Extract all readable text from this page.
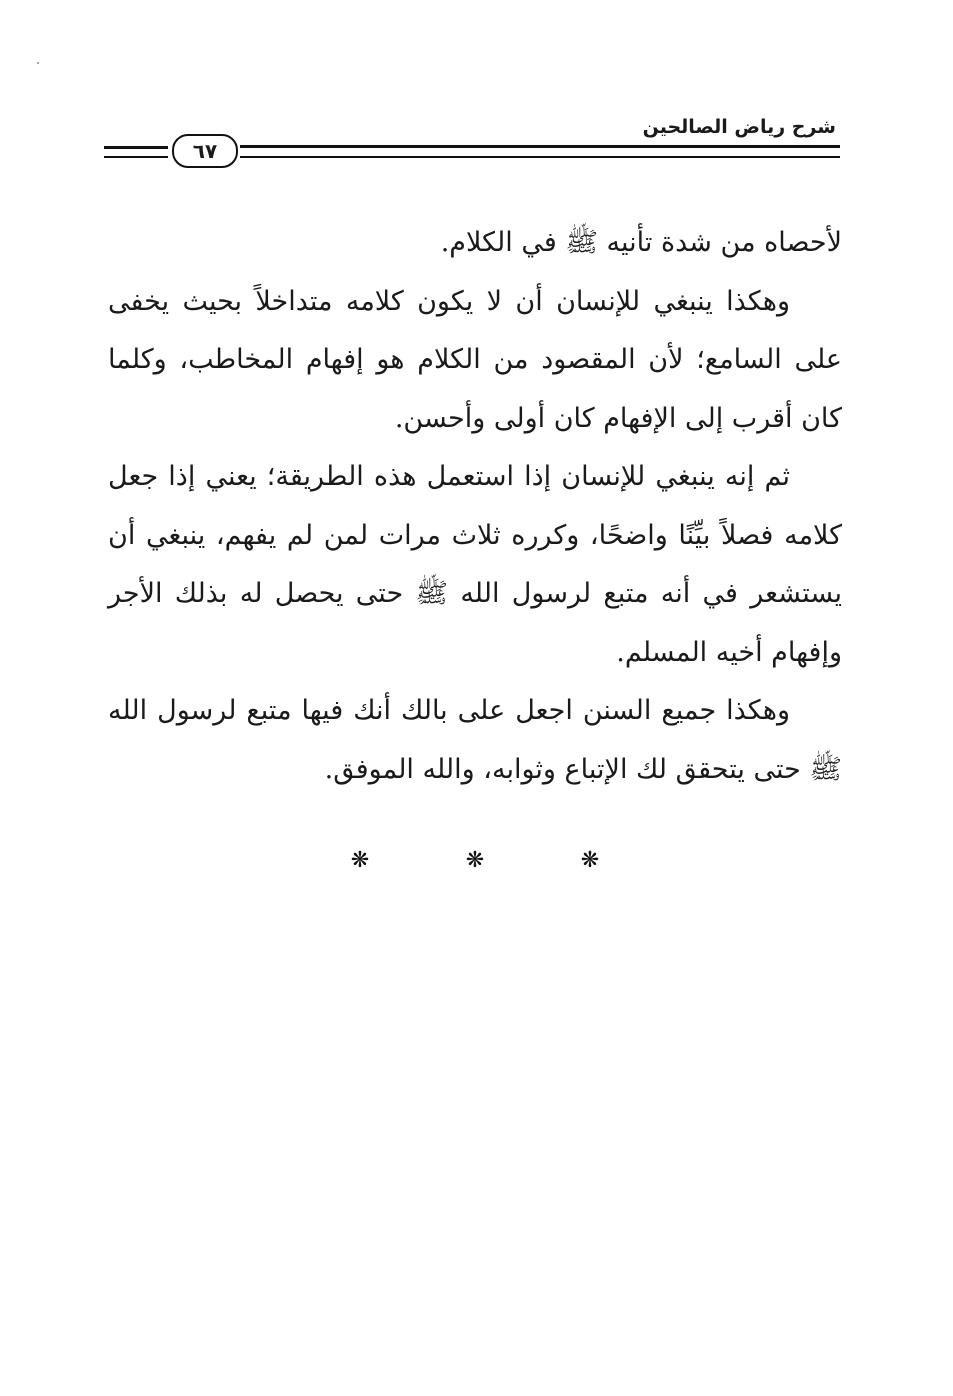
شرح رياض الصالحين
٦٧

لأحصاه من شدة تأنيه ﷺ في الكلام.

وهكذا ينبغي للإنسان أن لا يكون كلامه متداخلاً بحيث يخفى على السامع؛ لأن المقصود من الكلام هو إفهام المخاطب، وكلما كان أقرب إلى الإفهام كان أولى وأحسن.

ثم إنه ينبغي للإنسان إذا استعمل هذه الطريقة؛ يعني إذا جعل كلامه فصلاً بيِّنًا واضحًا، وكرره ثلاث مرات لمن لم يفهم، ينبغي أن يستشعر في أنه متبع لرسول الله ﷺ حتى يحصل له بذلك الأجر وإفهام أخيه المسلم.

وهكذا جميع السنن اجعل على بالك أنك فيها متبع لرسول الله ﷺ حتى يتحقق لك الإتباع وثوابه، والله الموفق.

❋	❋	❋
